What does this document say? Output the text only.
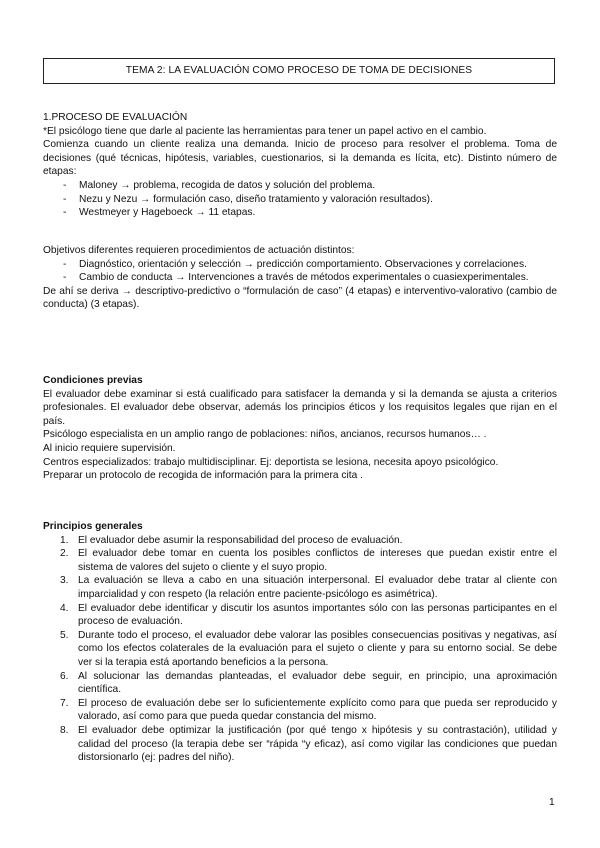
TEMA 2: LA EVALUACIÓN COMO PROCESO DE TOMA DE DECISIONES

1.PROCESO DE EVALUACIÓN

*El psicólogo tiene que darle al paciente las herramientas para tener un papel activo en el cambio.

Comienza cuando un cliente realiza una demanda. Inicio de proceso para resolver el problema. Toma de decisiones (qué técnicas, hipótesis, variables, cuestionarios, si la demanda es lícita, etc). Distinto número de etapas:

- Maloney → problema, recogida de datos y solución del problema.
- Nezu y Nezu → formulación caso, diseño tratamiento y valoración resultados).
- Westmeyer y Hageboeck → 11 etapas.

Objetivos diferentes requieren procedimientos de actuación distintos:

- Diagnóstico, orientación y selección → predicción comportamiento. Observaciones y correlaciones.
- Cambio de conducta → Intervenciones a través de métodos experimentales o cuasiexperimentales.

De ahí se deriva → descriptivo-predictivo o “formulación de caso” (4 etapas) e interventivo-valorativo (cambio de conducta) (3 etapas).

Condiciones previas

El evaluador debe examinar si está cualificado para satisfacer la demanda y si la demanda se ajusta a criterios profesionales. El evaluador debe observar, además los principios éticos y los requisitos legales que rijan en el país.

Psicólogo especialista en un amplio rango de poblaciones: niños, ancianos, recursos humanos… .

Al inicio requiere supervisión.

Centros especializados: trabajo multidisciplinar. Ej: deportista se lesiona, necesita apoyo psicológico.

Preparar un protocolo de recogida de información para la primera cita .

Principios generales

1. El evaluador debe asumir la responsabilidad del proceso de evaluación.
2. El evaluador debe tomar en cuenta los posibles conflictos de intereses que puedan existir entre el sistema de valores del sujeto o cliente y el suyo propio.
3. La evaluación se lleva a cabo en una situación interpersonal. El evaluador debe tratar al cliente con imparcialidad y con respeto (la relación entre paciente-psicólogo es asimétrica).
4. El evaluador debe identificar y discutir los asuntos importantes sólo con las personas participantes en el proceso de evaluación.
5. Durante todo el proceso, el evaluador debe valorar las posibles consecuencias positivas y negativas, así como los efectos colaterales de la evaluación para el sujeto o cliente y para su entorno social. Se debe ver si la terapia está aportando beneficios a la persona.
6. Al solucionar las demandas planteadas, el evaluador debe seguir, en principio, una aproximación científica.
7. El proceso de evaluación debe ser lo suficientemente explícito como para que pueda ser reproducido y valorado, así como para que pueda quedar constancia del mismo.
8. El evaluador debe optimizar la justificación (por qué tengo x hipótesis y su contrastación), utilidad y calidad del proceso (la terapia debe ser “rápida “y eficaz), así como vigilar las condiciones que puedan distorsionarlo (ej: padres del niño).
1
